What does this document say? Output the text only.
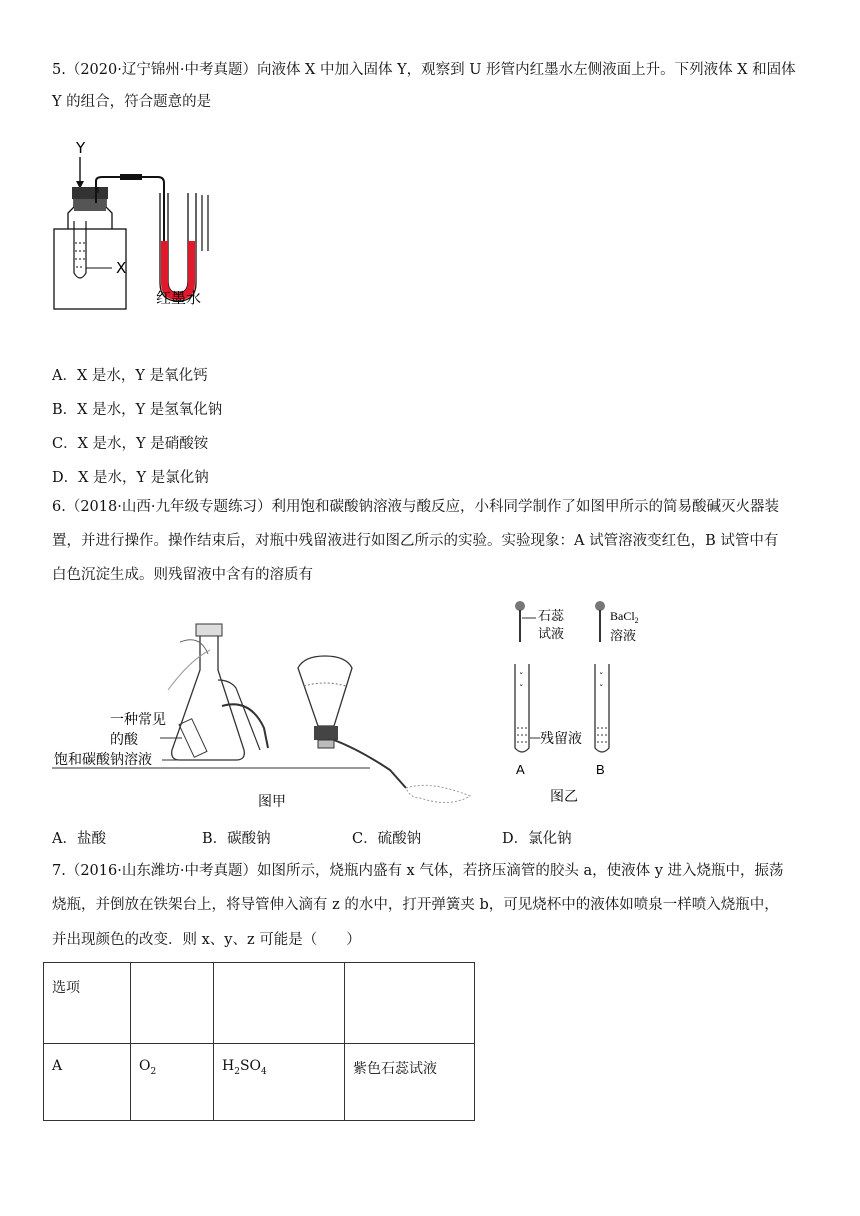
5.（2020·辽宁锦州·中考真题）向液体 X 中加入固体 Y，观察到 U 形管内红墨水左侧液面上升。下列液体 X 和固体
Y 的组合，符合题意的是
Y
X
红墨水
A．X 是水，Y 是氧化钙
B．X 是水，Y 是氢氧化钠
C．X 是水，Y 是硝酸铵
D．X 是水，Y 是氯化钠
6.（2018·山西·九年级专题练习）利用饱和碳酸钠溶液与酸反应，小科同学制作了如图甲所示的简易酸碱灭火器装
置，并进行操作。操作结束后，对瓶中残留液进行如图乙所示的实验。实验现象：A 试管溶液变红色，B 试管中有
白色沉淀生成。则残留液中含有的溶质有
一种常见
的酸
饱和碳酸钠溶液
图甲
石蕊
试液
BaCl$_2$
溶液
ˇ	ˇ
ˇ	ˇ
残留液
A	B
图乙
A．盐酸	B．碳酸钠	C．硫酸钠	D．氯化钠
7.（2016·山东潍坊·中考真题）如图所示，烧瓶内盛有 x 气体，若挤压滴管的胶头 a，使液体 y 进入烧瓶中，振荡
烧瓶，并倒放在铁架台上，将导管伸入滴有 z 的水中，打开弹簧夹 b，可见烧杯中的液体如喷泉一样喷入烧瓶中，
并出现颜色的改变．则 x、y、z 可能是（　　）
选项			
A	$O_2$	$H_2SO_4$	紫色石蕊试液
